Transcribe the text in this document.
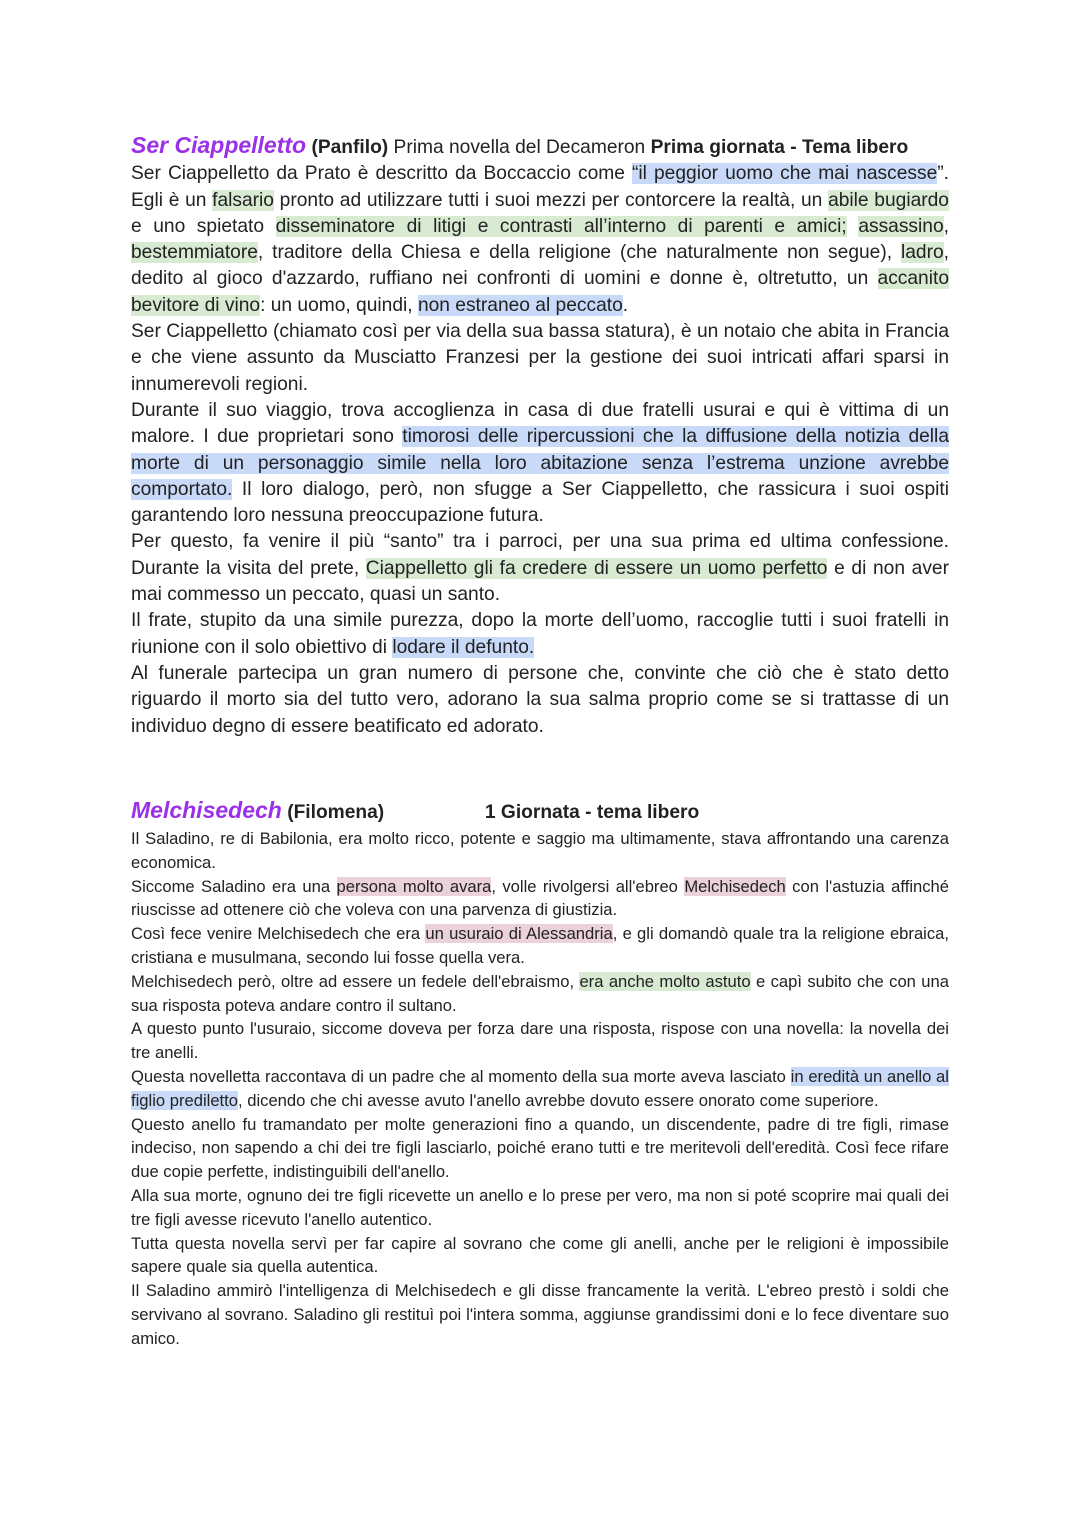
Ser Ciappelletto (Panfilo) Prima novella del Decameron Prima giornata - Tema libero

Ser Ciappelletto da Prato è descritto da Boccaccio come “il peggior uomo che mai nascesse”. Egli è un falsario pronto ad utilizzare tutti i suoi mezzi per contorcere la realtà, un abile bugiardo e uno spietato disseminatore di litigi e contrasti all’interno di parenti e amici; assassino, bestemmiatore, traditore della Chiesa e della religione (che naturalmente non segue), ladro, dedito al gioco d'azzardo, ruffiano nei confronti di uomini e donne è, oltretutto, un accanito bevitore di vino: un uomo, quindi, non estraneo al peccato.

Ser Ciappelletto (chiamato così per via della sua bassa statura), è un notaio che abita in Francia e che viene assunto da Musciatto Franzesi per la gestione dei suoi intricati affari sparsi in innumerevoli regioni.

Durante il suo viaggio, trova accoglienza in casa di due fratelli usurai e qui è vittima di un malore. I due proprietari sono timorosi delle ripercussioni che la diffusione della notizia della morte di un personaggio simile nella loro abitazione senza l’estrema unzione avrebbe comportato. Il loro dialogo, però, non sfugge a Ser Ciappelletto, che rassicura i suoi ospiti garantendo loro nessuna preoccupazione futura.

Per questo, fa venire il più “santo” tra i parroci, per una sua prima ed ultima confessione. Durante la visita del prete, Ciappelletto gli fa credere di essere un uomo perfetto e di non aver mai commesso un peccato, quasi un santo.

Il frate, stupito da una simile purezza, dopo la morte dell’uomo, raccoglie tutti i suoi fratelli in riunione con il solo obiettivo di lodare il defunto.

Al funerale partecipa un gran numero di persone che, convinte che ciò che è stato detto riguardo il morto sia del tutto vero, adorano la sua salma proprio come se si trattasse di un individuo degno di essere beatificato ed adorato.

Melchisedech (Filomena)	1 Giornata - tema libero

Il Saladino, re di Babilonia, era molto ricco, potente e saggio ma ultimamente, stava affrontando una carenza economica.

Siccome Saladino era una persona molto avara, volle rivolgersi all'ebreo Melchisedech con l'astuzia affinché riuscisse ad ottenere ciò che voleva con una parvenza di giustizia.

Così fece venire Melchisedech che era un usuraio di Alessandria, e gli domandò quale tra la religione ebraica, cristiana e musulmana, secondo lui fosse quella vera.

Melchisedech però, oltre ad essere un fedele dell'ebraismo, era anche molto astuto e capì subito che con una sua risposta poteva andare contro il sultano.

A questo punto l'usuraio, siccome doveva per forza dare una risposta, rispose con una novella: la novella dei tre anelli.

Questa novelletta raccontava di un padre che al momento della sua morte aveva lasciato in eredità un anello al figlio prediletto, dicendo che chi avesse avuto l'anello avrebbe dovuto essere onorato come superiore.

Questo anello fu tramandato per molte generazioni fino a quando, un discendente, padre di tre figli, rimase indeciso, non sapendo a chi dei tre figli lasciarlo, poiché erano tutti e tre meritevoli dell'eredità. Così fece rifare due copie perfette, indistinguibili dell'anello.

Alla sua morte, ognuno dei tre figli ricevette un anello e lo prese per vero, ma non si poté scoprire mai quali dei tre figli avesse ricevuto l'anello autentico.

Tutta questa novella servì per far capire al sovrano che come gli anelli, anche per le religioni è impossibile sapere quale sia quella autentica.

Il Saladino ammirò l'intelligenza di Melchisedech e gli disse francamente la verità. L'ebreo prestò i soldi che servivano al sovrano. Saladino gli restituì poi l'intera somma, aggiunse grandissimi doni e lo fece diventare suo amico.
